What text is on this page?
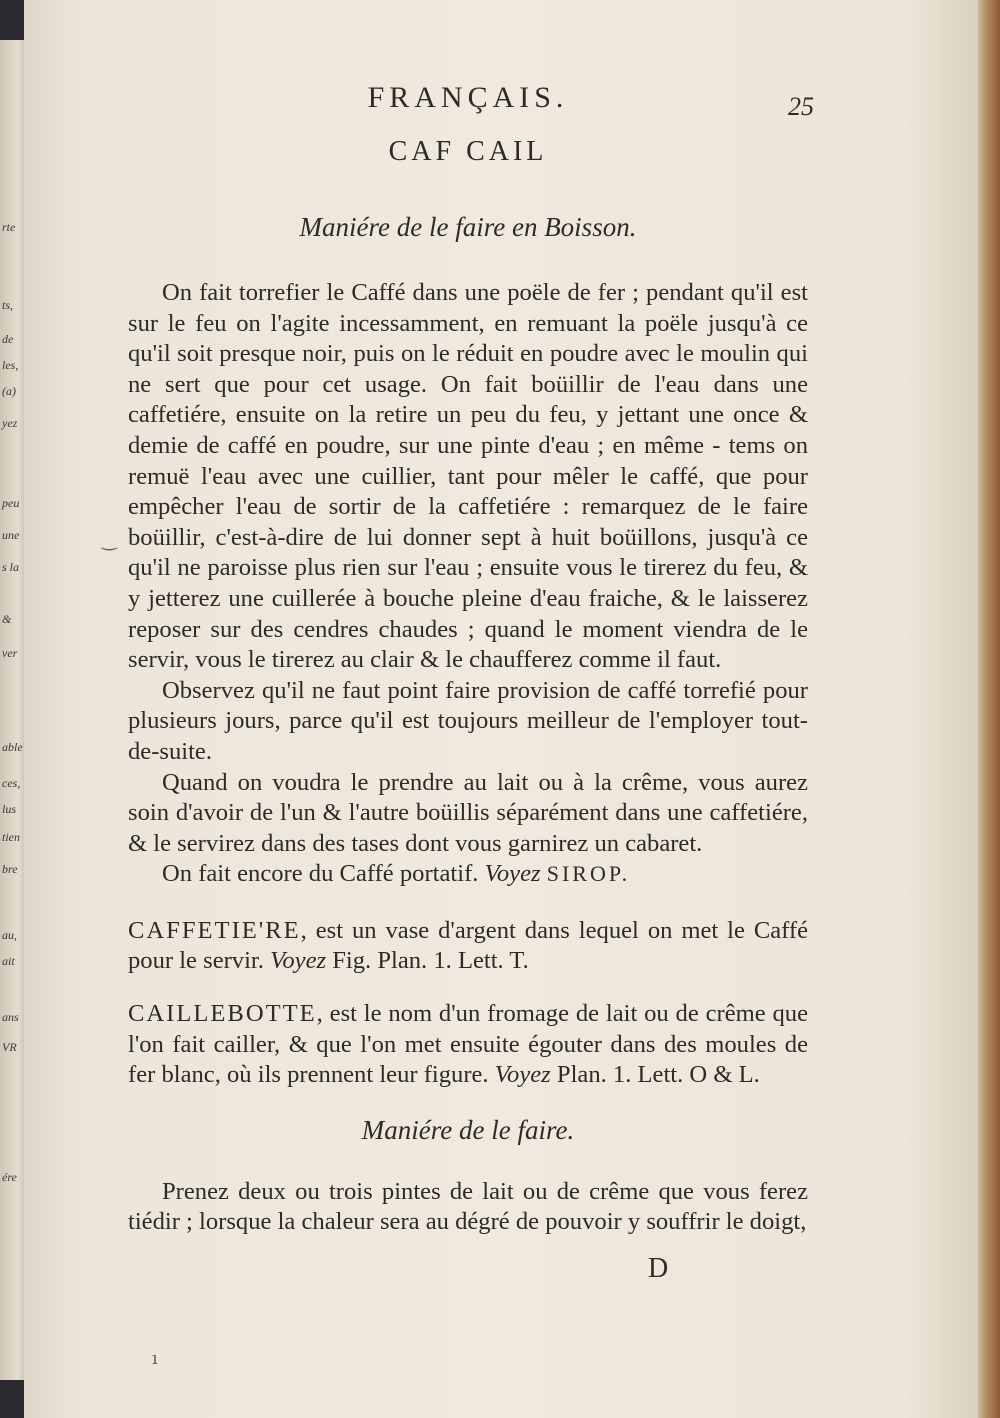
rte
ts,
de
les,
(a)
yez
peu
une
s la
&
ver
able
ces,
lus
tien
bre
au,
ait
ans
VR
ére
FRANÇAIS.	25
CAF CAIL
Maniére de le faire en Boisson.

On fait torrefier le Caffé dans une poële de fer ; pendant qu'il est sur le feu on l'agite incessamment, en remuant la poële jusqu'à ce qu'il soit presque noir, puis on le réduit en poudre avec le moulin qui ne sert que pour cet usage. On fait boüillir de l'eau dans une caffetiére, ensuite on la retire un peu du feu, y jettant une once & demie de caffé en poudre, sur une pinte d'eau ; en même - tems on remuë l'eau avec une cuillier, tant pour mêler le caffé, que pour empêcher l'eau de sortir de la caffetiére : remarquez de le faire boüillir, c'est-à-dire de lui donner sept à huit boüillons, jusqu'à ce qu'il ne paroisse plus rien sur l'eau ; ensuite vous le tirerez du feu, & y jetterez une cuillerée à bouche pleine d'eau fraiche, & le laisserez reposer sur des cendres chaudes ; quand le moment viendra de le servir, vous le tirerez au clair & le chaufferez comme il faut.

Observez qu'il ne faut point faire provision de caffé torrefié pour plusieurs jours, parce qu'il est toujours meilleur de l'employer tout-de-suite.

Quand on voudra le prendre au lait ou à la crême, vous aurez soin d'avoir de l'un & l'autre boüillis séparément dans une caffetiére, & le servirez dans des tases dont vous garnirez un cabaret.

On fait encore du Caffé portatif. Voyez SIROP.

CAFFETIE'RE, est un vase d'argent dans lequel on met le Caffé pour le servir. Voyez Fig. Plan. 1. Lett. T.

CAILLEBOTTE, est le nom d'un fromage de lait ou de crême que l'on fait cailler, & que l'on met ensuite égouter dans des moules de fer blanc, où ils prennent leur figure. Voyez Plan. 1. Lett. O & L.

Maniére de le faire.

Prenez deux ou trois pintes de lait ou de crême que vous ferez tiédir ; lorsque la chaleur sera au dégré de pouvoir y souffrir le doigt,

D
‿
ı
